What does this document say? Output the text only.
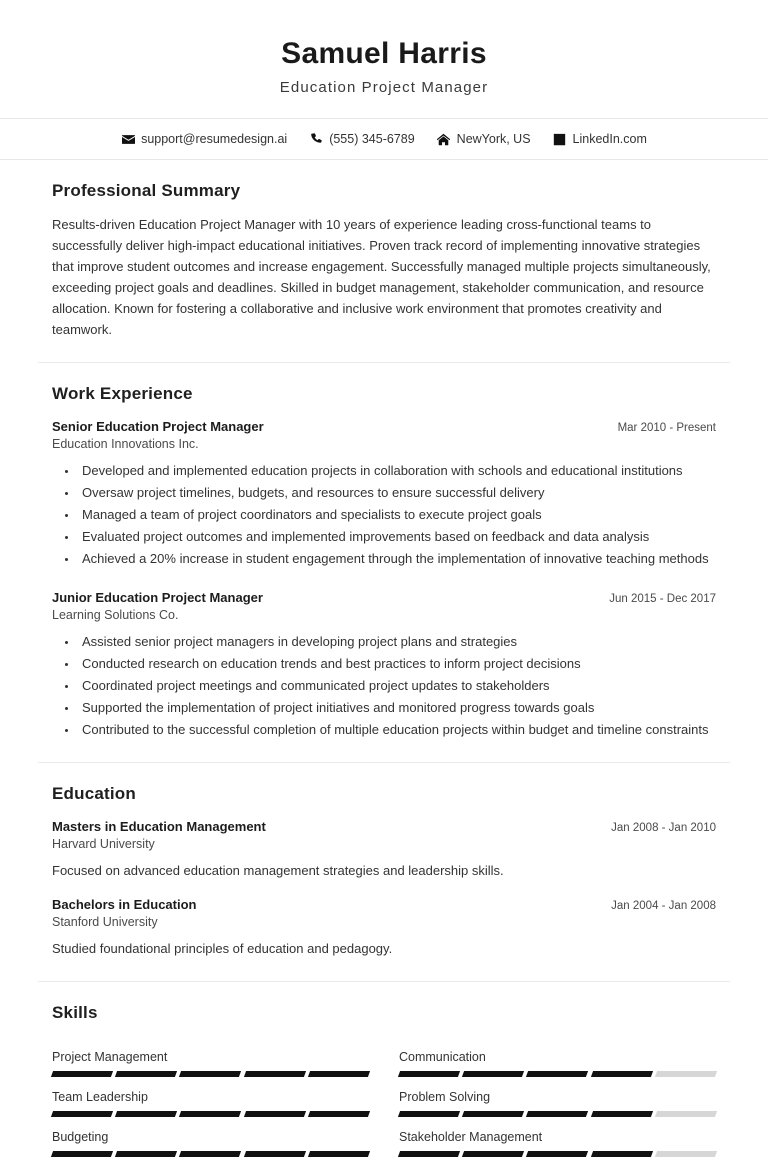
Samuel Harris
Education Project Manager
support@resumedesign.ai	(555) 345-6789	NewYork, US	LinkedIn.com
Professional Summary
Results-driven Education Project Manager with 10 years of experience leading cross-functional teams to successfully deliver high-impact educational initiatives. Proven track record of implementing innovative strategies that improve student outcomes and increase engagement. Successfully managed multiple projects simultaneously, exceeding project goals and deadlines. Skilled in budget management, stakeholder communication, and resource allocation. Known for fostering a collaborative and inclusive work environment that promotes creativity and teamwork.
Work Experience
Senior Education Project Manager	Mar 2010 - Present
Education Innovations Inc.
• Developed and implemented education projects in collaboration with schools and educational institutions
• Oversaw project timelines, budgets, and resources to ensure successful delivery
• Managed a team of project coordinators and specialists to execute project goals
• Evaluated project outcomes and implemented improvements based on feedback and data analysis
• Achieved a 20% increase in student engagement through the implementation of innovative teaching methods
Junior Education Project Manager	Jun 2015 - Dec 2017
Learning Solutions Co.
• Assisted senior project managers in developing project plans and strategies
• Conducted research on education trends and best practices to inform project decisions
• Coordinated project meetings and communicated project updates to stakeholders
• Supported the implementation of project initiatives and monitored progress towards goals
• Contributed to the successful completion of multiple education projects within budget and timeline constraints
Education
Masters in Education Management	Jan 2008 - Jan 2010
Harvard University
Focused on advanced education management strategies and leadership skills.
Bachelors in Education	Jan 2004 - Jan 2008
Stanford University
Studied foundational principles of education and pedagogy.
Skills
Project Management	Communication
Team Leadership	Problem Solving
Budgeting	Stakeholder Management
